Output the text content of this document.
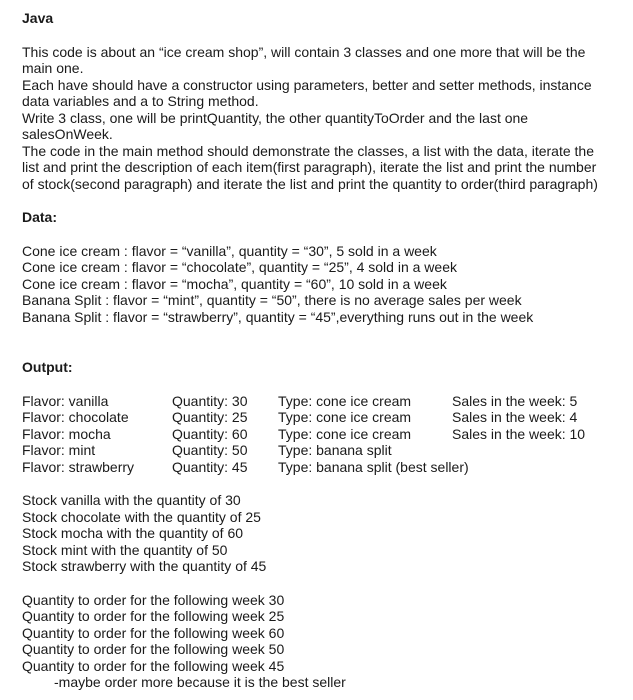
Java

This code is about an “ice cream shop”, will contain 3 classes and one more that will be the

main one.

Each have should have a constructor using parameters, better and setter methods, instance

data variables and a to String method.

Write 3 class, one will be printQuantity, the other quantityToOrder and the last one

salesOnWeek.

The code in the main method should demonstrate the classes, a list with the data, iterate the

list and print the description of each item(first paragraph), iterate the list and print the number

of stock(second paragraph) and iterate the list and print the quantity to order(third paragraph)

Data:

Cone ice cream : flavor = “vanilla”, quantity = “30”, 5 sold in a week

Cone ice cream : flavor = “chocolate”, quantity = “25”, 4 sold in a week

Cone ice cream : flavor = “mocha”, quantity = “60”, 10 sold in a week

Banana Split : flavor = “mint”, quantity = “50”, there is no average sales per week

Banana Split : flavor = “strawberry”, quantity = “45”,everything runs out in the week

Output:

Flavor: vanilla	Quantity: 30 Type: cone ice cream	Sales in the week: 5
Flavor: chocolate	Quantity: 25 Type: cone ice cream	Sales in the week: 4
Flavor: mocha	Quantity: 60 Type: cone ice cream	Sales in the week: 10
Flavor: mint	Quantity: 50 Type: banana split
Flavor: strawberry	Quantity: 45 Type: banana split (best seller)

Stock vanilla with the quantity of 30

Stock chocolate with the quantity of 25

Stock mocha with the quantity of 60

Stock mint with the quantity of 50

Stock strawberry with the quantity of 45

Quantity to order for the following week 30

Quantity to order for the following week 25

Quantity to order for the following week 60

Quantity to order for the following week 50

Quantity to order for the following week 45

-maybe order more because it is the best seller
